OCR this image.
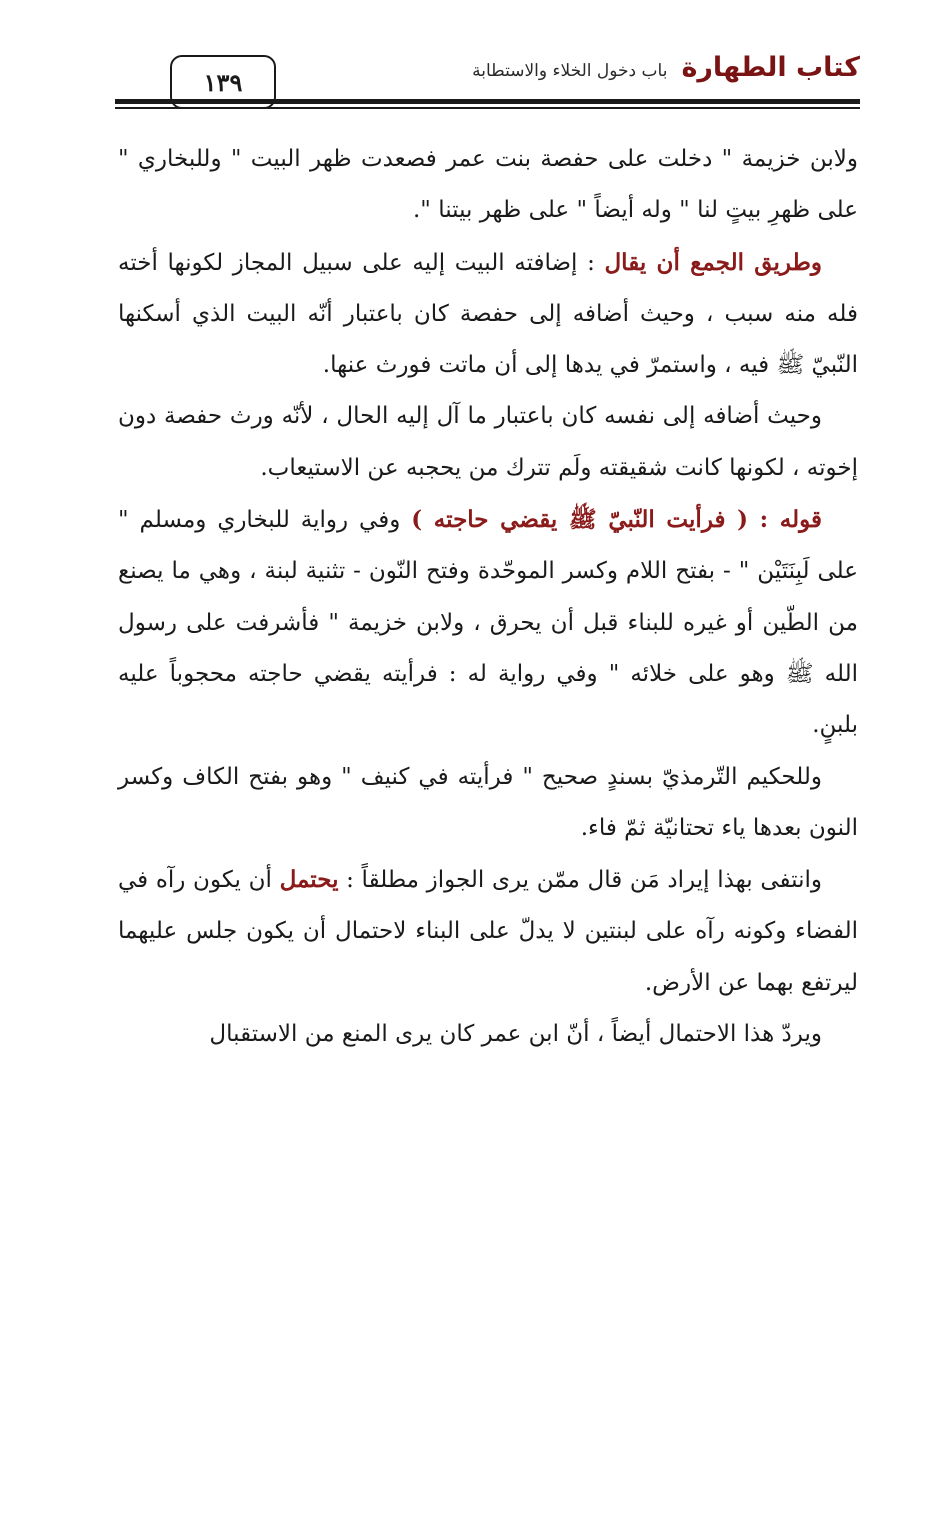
١٣٩	كتاب الطهارة
باب دخول الخلاء والاستطابة

ولابن خزيمة " دخلت على حفصة بنت عمر فصعدت ظهر البيت " وللبخاري " على ظهرِ بيتٍ لنا " وله أيضاً " على ظهر بيتنا ".

وطريق الجمع أن يقال : إضافته البيت إليه على سبيل المجاز لكونها أخته فله منه سبب ، وحيث أضافه إلى حفصة كان باعتبار أنّه البيت الذي أسكنها النّبيّ ﷺ فيه ، واستمرّ في يدها إلى أن ماتت فورث عنها.

وحيث أضافه إلى نفسه كان باعتبار ما آل إليه الحال ، لأنّه ورث حفصة دون إخوته ، لكونها كانت شقيقته ولَم تترك من يحجبه عن الاستيعاب.

قوله : ( فرأيت النّبيّ ﷺ يقضي حاجته ) وفي رواية للبخاري ومسلم " على لَبِنَتَيْن " - بفتح اللام وكسر الموحّدة وفتح النّون - تثنية لبنة ، وهي ما يصنع من الطّين أو غيره للبناء قبل أن يحرق ، ولابن خزيمة " فأشرفت على رسول الله ﷺ وهو على خلائه " وفي رواية له : فرأيته يقضي حاجته محجوباً عليه بلبنٍ.

وللحكيم التّرمذيّ بسندٍ صحيح " فرأيته في كنيف " وهو بفتح الكاف وكسر النون بعدها ياء تحتانيّة ثمّ فاء.

وانتفى بهذا إيراد مَن قال ممّن يرى الجواز مطلقاً : يحتمل أن يكون رآه في الفضاء وكونه رآه على لبنتين لا يدلّ على البناء لاحتمال أن يكون جلس عليهما ليرتفع بهما عن الأرض.

ويردّ هذا الاحتمال أيضاً ، أنّ ابن عمر كان يرى المنع من الاستقبال
